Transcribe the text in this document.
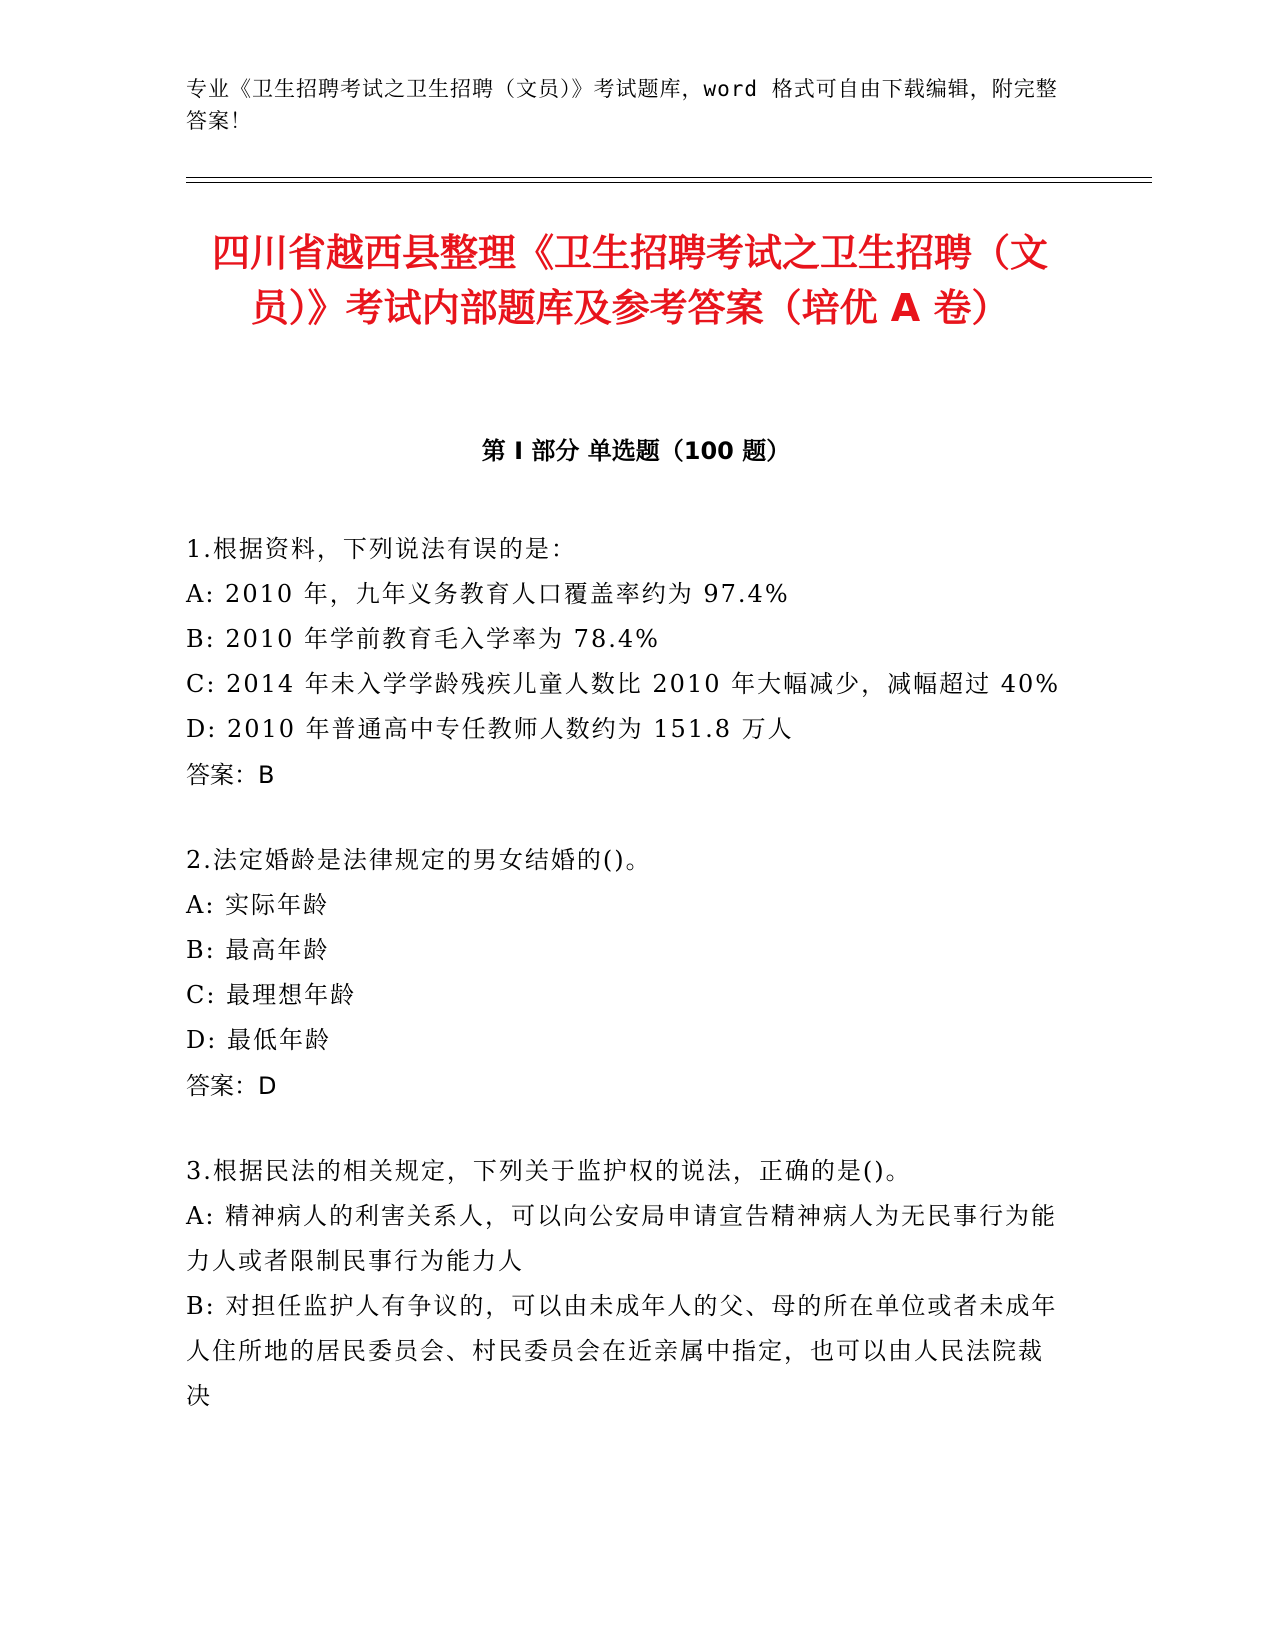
专业《卫生招聘考试之卫生招聘（文员）》考试题库，word 格式可自由下载编辑，附完整答案！
四川省越西县整理《卫生招聘考试之卫生招聘（文员）》考试内部题库及参考答案（培优 A 卷）
第 I 部分 单选题（100 题）
1.根据资料，下列说法有误的是：
A: 2010 年，九年义务教育人口覆盖率约为 97.4%
B: 2010 年学前教育毛入学率为 78.4%
C: 2014 年未入学学龄残疾儿童人数比 2010 年大幅减少，减幅超过 40%
D: 2010 年普通高中专任教师人数约为 151.8 万人
答案：B
2.法定婚龄是法律规定的男女结婚的()。
A: 实际年龄
B: 最高年龄
C: 最理想年龄
D: 最低年龄
答案：D
3.根据民法的相关规定，下列关于监护权的说法，正确的是()。
A: 精神病人的利害关系人，可以向公安局申请宣告精神病人为无民事行为能力人或者限制民事行为能力人
B: 对担任监护人有争议的，可以由未成年人的父、母的所在单位或者未成年人住所地的居民委员会、村民委员会在近亲属中指定，也可以由人民法院裁决
